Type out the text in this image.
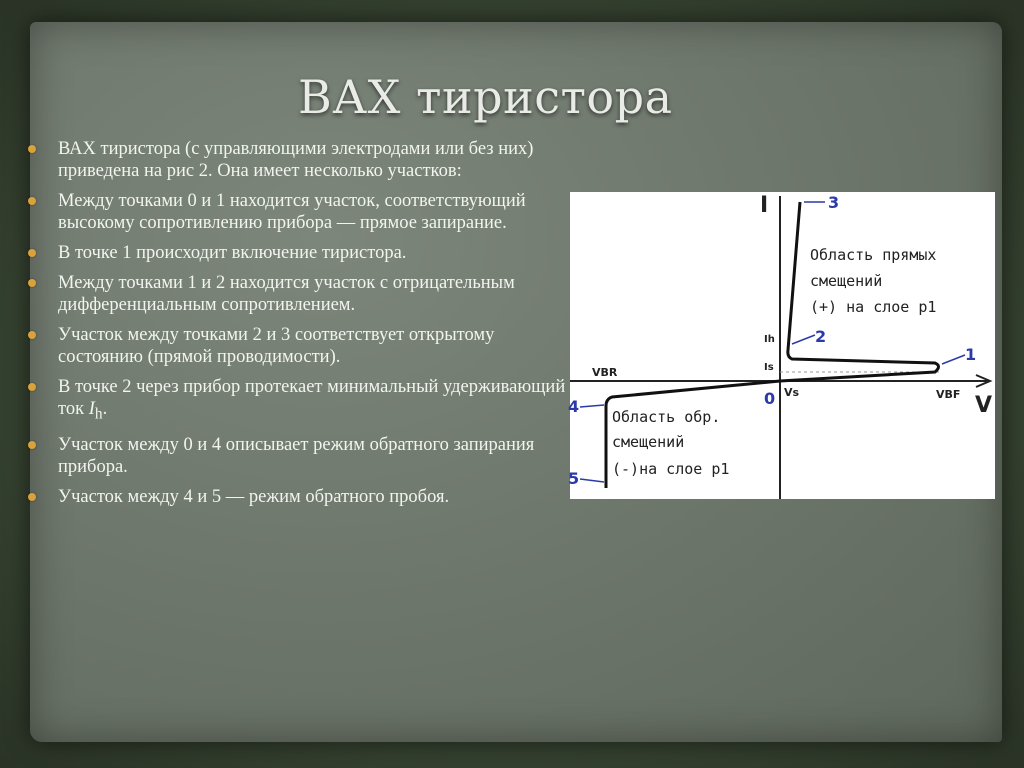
ВАХ тиристора
ВАХ тиристора (с управляющими электродами или без них) приведена на рис 2. Она имеет несколько участков:
Между точками 0 и 1 находится участок, соответствующий высокому сопротивлению прибора — прямое запирание.
В точке 1 происходит включение тиристора.
Между точками 1 и 2 находится участок с отрицательным дифференциальным сопротивлением.
Участок между точками 2 и 3 соответствует открытому состоянию (прямой проводимости).
В точке 2 через прибор протекает минимальный удерживающий ток $I_h$.
Участок между 0 и 4 описывает режим обратного запирания прибора.
Участок между 4 и 5 — режим обратного пробоя.
3
2
1
0
4
5
I
V
Ih
Is
Vs
VBR
VBF
Область прямых
смещений
(+) на слое p1
Область обр.
смещений
(-)на слое p1
